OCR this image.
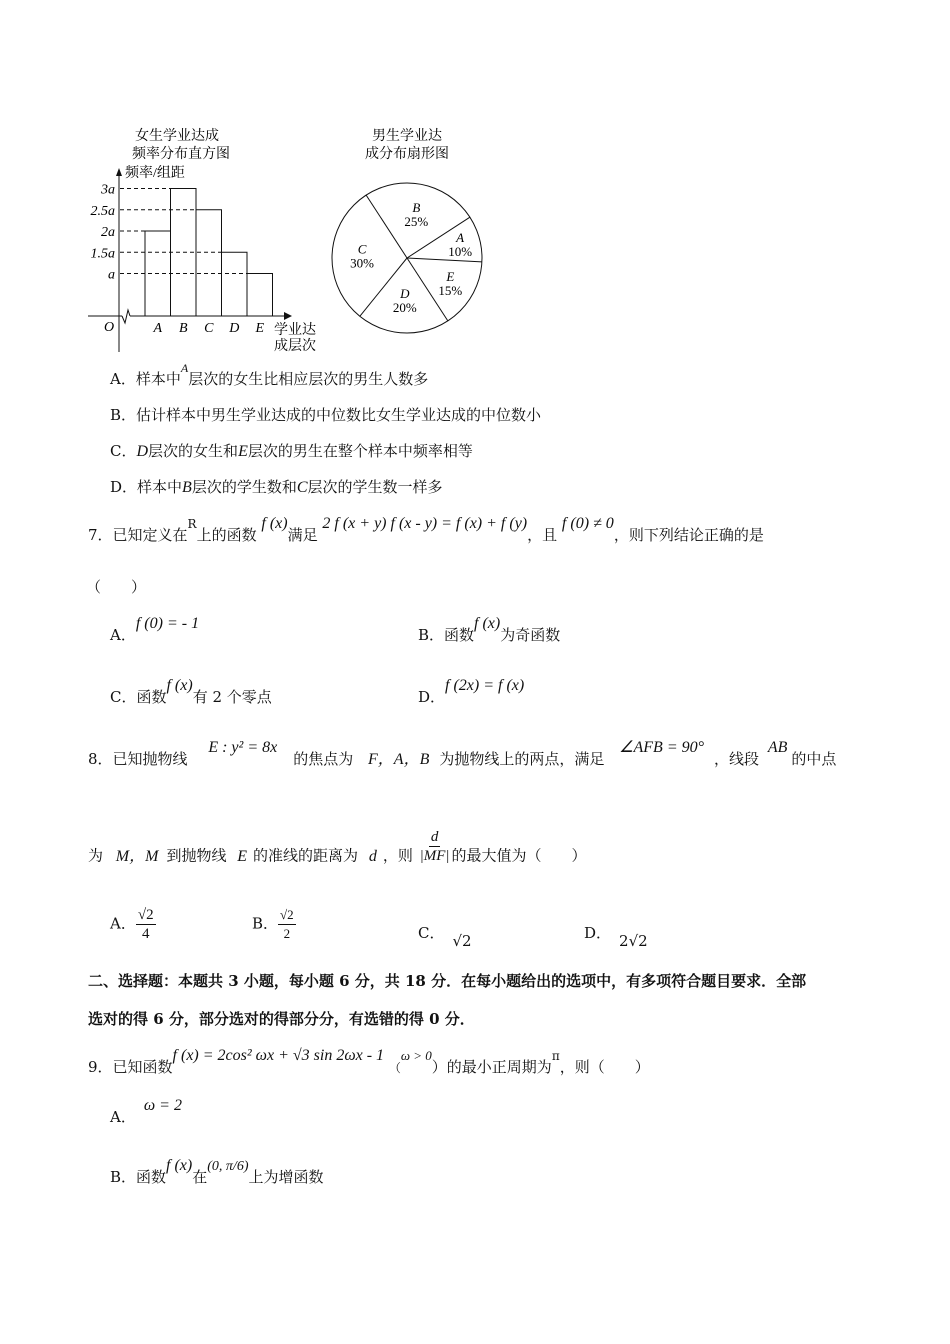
女生学业达成
频率分布直方图
频率/组距
O	学业达
成层次
a
1.5a
2a
2.5a
3a
A B C D E
男生学业达
成分布扇形图
A
10%
B
25%
C
30%
D
20%
E
15%
A．样本中$^A$层次的女生比相应层次的男生人数多
B．估计样本中男生学业达成的中位数比女生学业达成的中位数小
C．D层次的女生和E层次的男生在整个样本中频率相等
D．样本中B层次的学生数和C层次的学生数一样多
7．已知定义在$^R$上的函数 f (x)满足 2 f (x + y) f (x - y) = f (x) + f (y)，且 f (0) ≠ 0，则下列结论正确的是
（　　）
A．f (0) = - 1
B．函数f (x)为奇函数
C．函数f (x)有 2 个零点	D．f (2x) = f (x)
8．已知抛物线 E : y² = 8x的焦点为 F，A，B 为抛物线上的两点，满足 ∠AFB = 90°，线段 AB的中点
为 M，M 到抛物线 E 的准线的距离为 d ，则 $\frac{d}{|MF|}$ 的最大值为（　　）
A． $\frac{√2}{4}$	B． $\frac{√2}{2}$	C． √2	D． 2√2
二、选择题：本题共 3 小题，每小题 6 分，共 18 分．在每小题给出的选项中，有多项符合题目要求．全部
选对的得 6 分，部分选对的得部分分，有选错的得 0 分．
9．已知函数f (x) = 2cos² ωx + √3 sin 2ωx - 1 （ω > 0）的最小正周期为$^\pi$，则（　　）
A．ω = 2
B．函数f (x)在(0, π/6)上为增函数
